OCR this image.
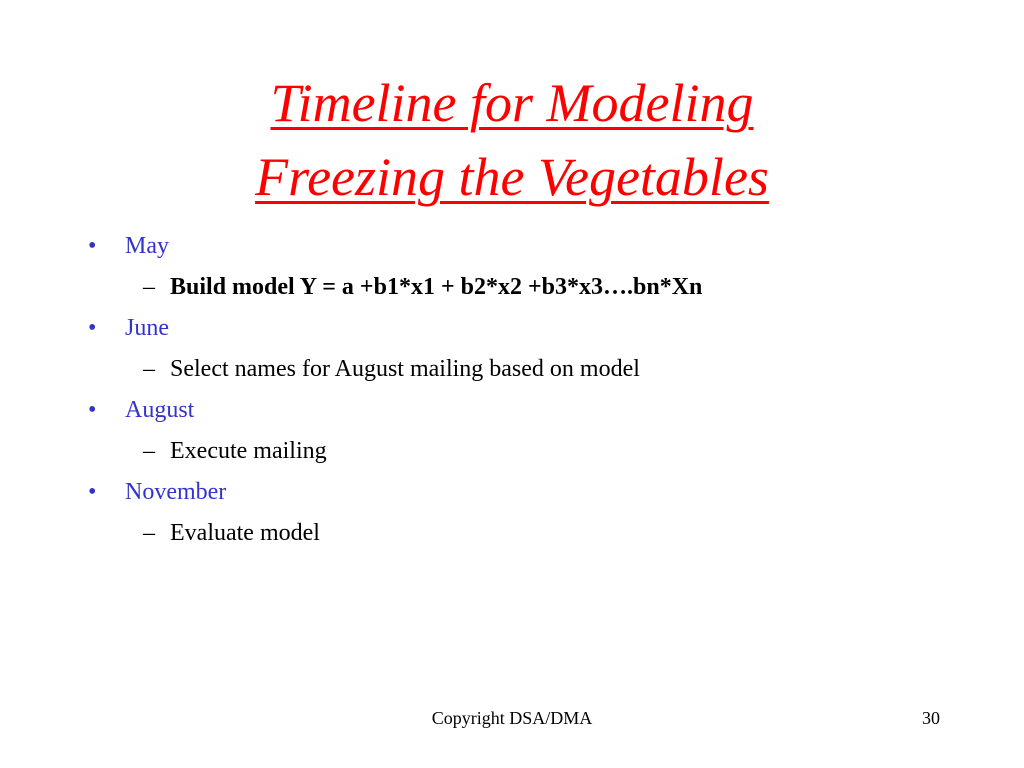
Timeline for Modeling
Freezing the Vegetables
•	May
– Build model Y = a +b1*x1 + b2*x2 +b3*x3….bn*Xn
•	June
– Select names for August mailing based on model
•	August
– Execute mailing
•	November
– Evaluate model
Copyright DSA/DMA	30
